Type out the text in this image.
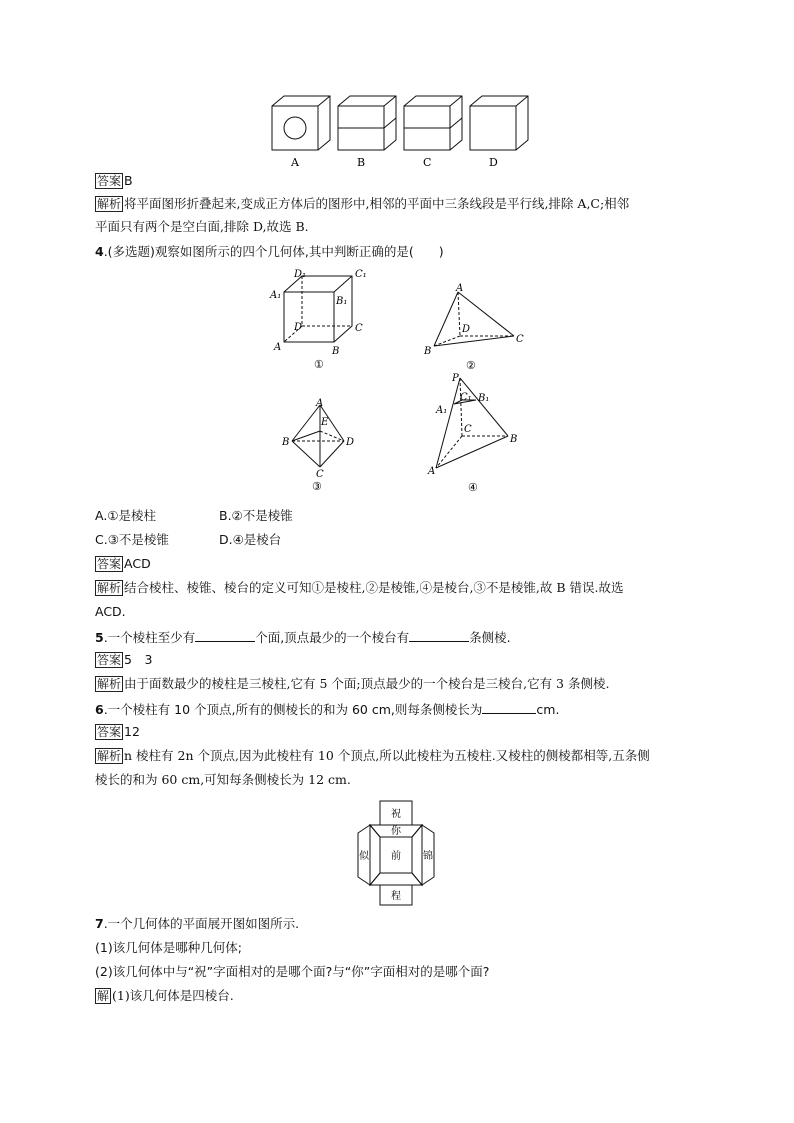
A	B	C	D
答案 B
解析 将平面图形折叠起来,变成正方体后的图形中,相邻的平面中三条线段是平行线,排除 A,C;相邻
平面只有两个是空白面,排除 D,故选 B.
4.(多选题)观察如图所示的四个几何体,其中判断正确的是(　　)
D₁	C₁
A₁
B₁
D	C
A	B
①
A
D
B
C
②
A
E
B	D
C
③
P
C₁
A₁
B₁
C
B
A
④
A.①是棱柱	B.②不是棱锥
C.③不是棱锥	D.④是棱台
答案 ACD
解析 结合棱柱、棱锥、棱台的定义可知①是棱柱,②是棱锥,④是棱台,③不是棱锥,故 B 错误.故选
ACD.
5.一个棱柱至少有	个面,顶点最少的一个棱台有	条侧棱.
答案 5　3
解析 由于面数最少的棱柱是三棱柱,它有 5 个面;顶点最少的一个棱台是三棱台,它有 3 条侧棱.
6.一个棱柱有 10 个顶点,所有的侧棱长的和为 60 cm,则每条侧棱长为	cm.
答案 12
解析 n 棱柱有 2n 个顶点,因为此棱柱有 10 个顶点,所以此棱柱为五棱柱.又棱柱的侧棱都相等,五条侧
棱长的和为 60 cm,可知每条侧棱长为 12 cm.
祝
你
似 前 锦
程
7.一个几何体的平面展开图如图所示.
(1)该几何体是哪种几何体;
(2)该几何体中与“祝”字面相对的是哪个面?与“你”字面相对的是哪个面?
解 (1)该几何体是四棱台.
